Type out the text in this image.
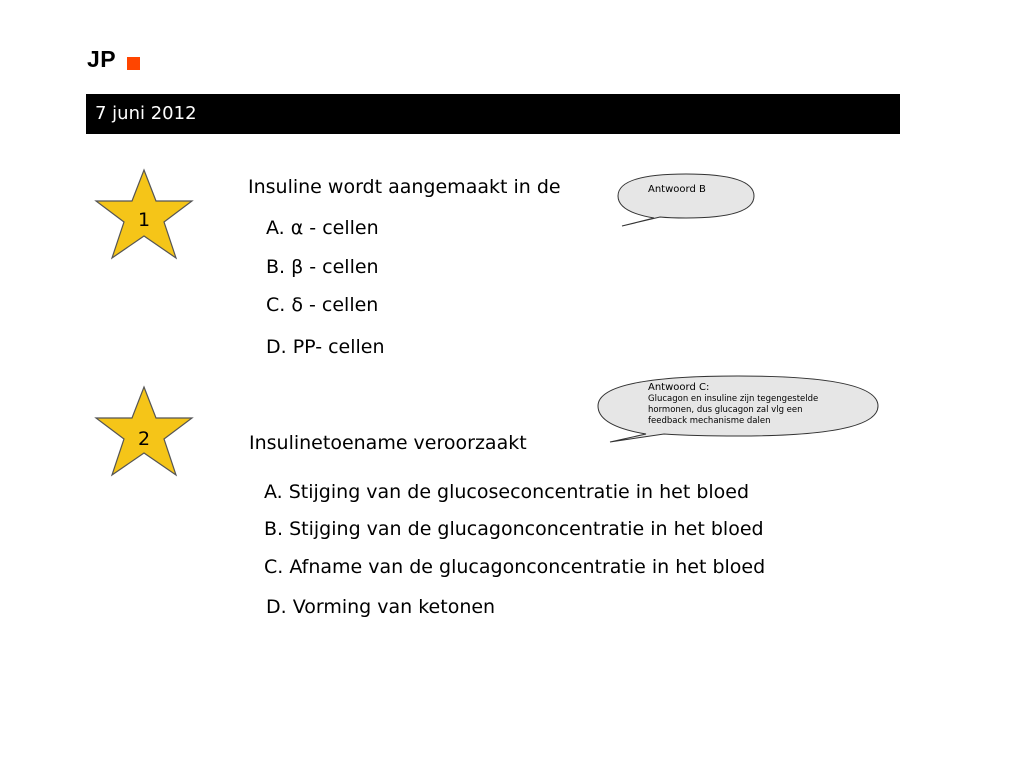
JP
7 juni 2012
1
Insuline wordt aangemaakt in de
A. α - cellen
B. β - cellen
C. δ - cellen
D. PP- cellen
Antwoord B
2	Insulinetoename veroorzaakt
A. Stijging van de glucoseconcentratie in het bloed
B. Stijging van de glucagonconcentratie in het bloed
C. Afname van de glucagonconcentratie in het bloed
D. Vorming van ketonen
Antwoord C:
Glucagon en insuline zijn tegengestelde
hormonen, dus glucagon zal vlg een
feedback mechanisme dalen
